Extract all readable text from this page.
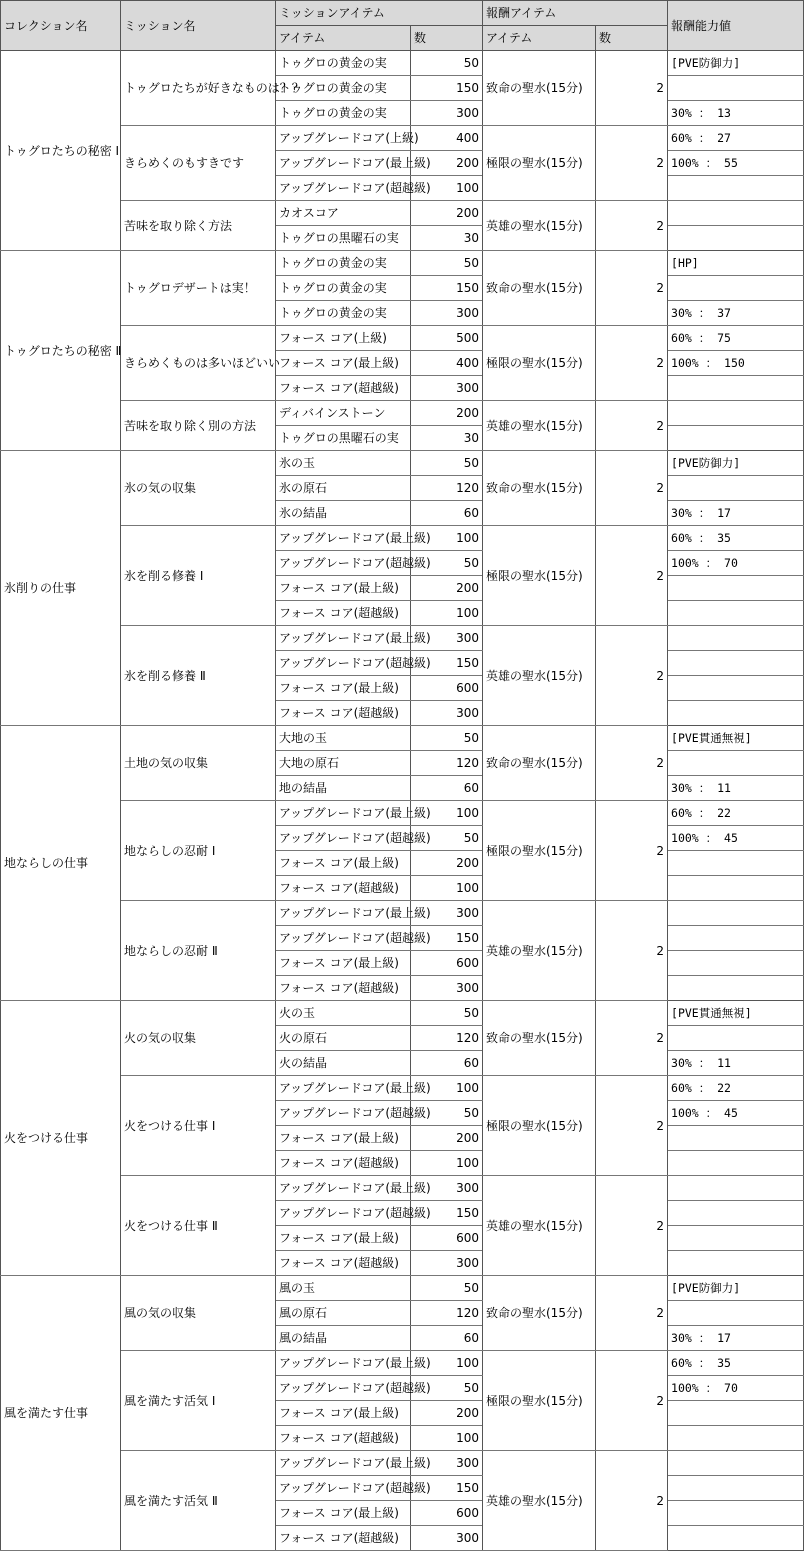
コレクション名	ミッション名	ミッションアイテム		報酬アイテム		報酬能力値
		アイテム	数	アイテム	数	
トゥグロたちの秘密 Ⅰ	トゥグロたちが好きなものは？？	トゥグロの黄金の実	50	致命の聖水(15分)	2	[PVE防御力]
		トゥグロの黄金の実	150			
		トゥグロの黄金の実	300			30% ： 13
	きらめくのもすきです	アップグレードコア(上級)	400	極限の聖水(15分)	2	60% ： 27
		アップグレードコア(最上級)	200			100% ： 55
		アップグレードコア(超越級)	100			
	苦味を取り除く方法	カオスコア	200	英雄の聖水(15分)	2	
		トゥグロの黒曜石の実	30			
トゥグロたちの秘密 Ⅱ	トゥグロデザートは実！	トゥグロの黄金の実	50	致命の聖水(15分)	2	[HP]
		トゥグロの黄金の実	150			
		トゥグロの黄金の実	300			30% ： 37
	きらめくものは多いほどいい	フォース コア(上級)	500	極限の聖水(15分)	2	60% ： 75
		フォース コア(最上級)	400			100% ： 150
		フォース コア(超越級)	300			
	苦味を取り除く別の方法	ディバインストーン	200	英雄の聖水(15分)	2	
		トゥグロの黒曜石の実	30			
氷削りの仕事	氷の気の収集	氷の玉	50	致命の聖水(15分)	2	[PVE防御力]
		氷の原石	120			
		氷の結晶	60			30% ： 17
	氷を削る修養 Ⅰ	アップグレードコア(最上級)	100	極限の聖水(15分)	2	60% ： 35
		アップグレードコア(超越級)	50			100% ： 70
		フォース コア(最上級)	200			
		フォース コア(超越級)	100			
	氷を削る修養 Ⅱ	アップグレードコア(最上級)	300	英雄の聖水(15分)	2	
		アップグレードコア(超越級)	150			
		フォース コア(最上級)	600			
		フォース コア(超越級)	300			
地ならしの仕事	土地の気の収集	大地の玉	50	致命の聖水(15分)	2	[PVE貫通無視]
		大地の原石	120			
		地の結晶	60			30% ： 11
	地ならしの忍耐 Ⅰ	アップグレードコア(最上級)	100	極限の聖水(15分)	2	60% ： 22
		アップグレードコア(超越級)	50			100% ： 45
		フォース コア(最上級)	200			
		フォース コア(超越級)	100			
	地ならしの忍耐 Ⅱ	アップグレードコア(最上級)	300	英雄の聖水(15分)	2	
		アップグレードコア(超越級)	150			
		フォース コア(最上級)	600			
		フォース コア(超越級)	300			
火をつける仕事	火の気の収集	火の玉	50	致命の聖水(15分)	2	[PVE貫通無視]
		火の原石	120			
		火の結晶	60			30% ： 11
	火をつける仕事 Ⅰ	アップグレードコア(最上級)	100	極限の聖水(15分)	2	60% ： 22
		アップグレードコア(超越級)	50			100% ： 45
		フォース コア(最上級)	200			
		フォース コア(超越級)	100			
	火をつける仕事 Ⅱ	アップグレードコア(最上級)	300	英雄の聖水(15分)	2	
		アップグレードコア(超越級)	150			
		フォース コア(最上級)	600			
		フォース コア(超越級)	300			
風を満たす仕事	風の気の収集	風の玉	50	致命の聖水(15分)	2	[PVE防御力]
		風の原石	120			
		風の結晶	60			30% ： 17
	風を満たす活気 Ⅰ	アップグレードコア(最上級)	100	極限の聖水(15分)	2	60% ： 35
		アップグレードコア(超越級)	50			100% ： 70
		フォース コア(最上級)	200			
		フォース コア(超越級)	100			
	風を満たす活気 Ⅱ	アップグレードコア(最上級)	300	英雄の聖水(15分)	2	
		アップグレードコア(超越級)	150			
		フォース コア(最上級)	600			
		フォース コア(超越級)	300			
